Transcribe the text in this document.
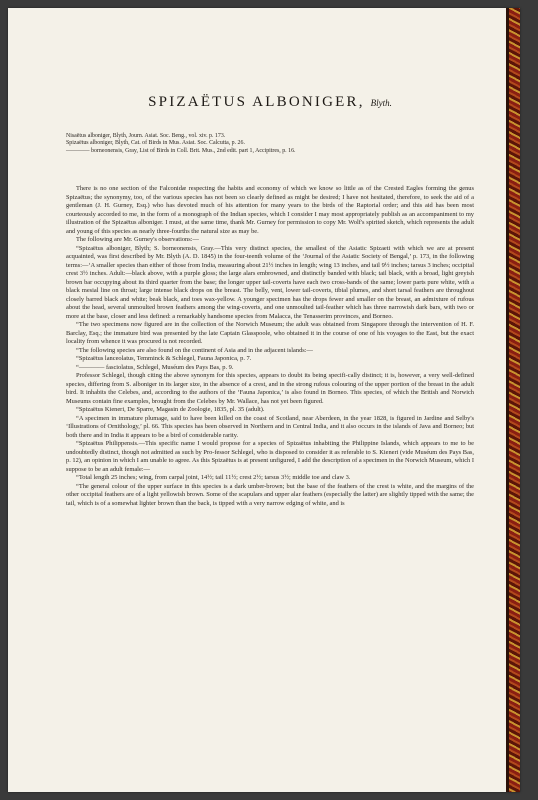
SPIZAËTUS ALBONIGER, Blyth.
Nisaëtus alboniger, Blyth, Journ. Asiat. Soc. Beng., vol. xiv. p. 173.
Spizaëtus alboniger, Blyth, Cat. of Birds in Mus. Asiat. Soc. Calcutta, p. 26.
———— borneonensis, Gray, List of Birds in Coll. Brit. Mus., 2nd edit. part 1, Accipitres, p. 16.

There is no one section of the Falconidæ respecting the habits and economy of which we know so little as of the Crested Eagles forming the genus Spizaëtus; the synonymy, too, of the various species has not been so clearly defined as might be desired; I have not hesitated, therefore, to seek the aid of a gentleman (J. H. Gurney, Esq.) who has devoted much of his attention for many years to the birds of the Raptorial order; and this aid has been most courteously accorded to me, in the form of a monograph of the Indian species, which I consider I may most appropriately publish as an accompaniment to my illustration of the Spizaëtus alboniger. I must, at the same time, thank Mr. Gurney for permission to copy Mr. Wolf's spirited sketch, which represents the adult and young of this species as nearly three-fourths the natural size as may be.

The following are Mr. Gurney's observations:—

“Spizaëtus alboniger, Blyth; S. borneonensis, Gray.—This very distinct species, the smallest of the Asiatic Spizaeti with which we are at present acquainted, was first described by Mr. Blyth (A. D. 1845) in the four-teenth volume of the ‘Journal of the Asiatic Society of Bengal,’ p. 173, in the following terms:—‘A smaller species than either of those from India, measuring about 21½ inches in length; wing 13 inches, and tail 9½ inches; tarsus 3 inches; occipital crest 3½ inches. Adult:—black above, with a purple gloss; the large alars embrowned, and distinctly banded with black; tail black, with a broad, light greyish brown bar occupying about its third quarter from the base; the longer upper tail-coverts have each two cross-bands of the same; lower parts pure white, with a black mesial line on throat; large intense black drops on the breast. The belly, vent, lower tail-coverts, tibial plumes, and short tarsal feathers are throughout closely barred black and white; beak black, and toes wax-yellow. A younger specimen has the drops fewer and smaller on the breast, an admixture of rufous about the head, several unmoulted brown feathers among the wing-coverts, and one unmoulted tail-feather which has three narrowish dark bars, with two or more at the base, closer and less defined: a remarkably handsome species from Malacca, the Tenasserim provinces, and Borneo.

“The two specimens now figured are in the collection of the Norwich Museum; the adult was obtained from Singapore through the intervention of H. F. Barclay, Esq.; the immature bird was presented by the late Captain Glasspoole, who obtained it in the course of one of his voyages to the East, but the exact locality from whence it was procured is not recorded.

“The following species are also found on the continent of Asia and in the adjacent islands:—

“Spizaëtus lanceolatus, Temminck & Schlegel, Fauna Japonica, p. 7.

“———— fasciolatus, Schlegel, Muséum des Pays Bas, p. 9.

Professor Schlegel, though citing the above synonym for this species, appears to doubt its being specifi-cally distinct; it is, however, a very well-defined species, differing from S. alboniger in its larger size, in the absence of a crest, and in the strong rufous colouring of the upper portion of the breast in the adult bird. It inhabits the Celebes, and, according to the authors of the ‘Fauna Japonica,’ is also found in Borneo. This species, of which the British and Norwich Museums contain fine examples, brought from the Celebes by Mr. Wallace, has not yet been figured.

“Spizaëtus Kieneri, De Sparre, Magasin de Zoologie, 1835, pl. 35 (adult).

“A specimen in immature plumage, said to have been killed on the coast of Scotland, near Aberdeen, in the year 1828, is figured in Jardine and Selby's ‘Illustrations of Ornithology,’ pl. 66. This species has been observed in Northern and in Central India, and it also occurs in the islands of Java and Borneo; but both there and in India it appears to be a bird of considerable rarity.

“Spizaëtus Philippensis.—This specific name I would propose for a species of Spizaëtus inhabiting the Philippine Islands, which appears to me to be undoubtedly distinct, though not admitted as such by Pro-fessor Schlegel, who is disposed to consider it as referable to S. Kieneri (vide Muséum des Pays Bas, p. 12), an opinion in which I am unable to agree. As this Spizaëtus is at present unfigured, I add the description of a specimen in the Norwich Museum, which I suppose to be an adult female:—

“Total length 25 inches; wing, from carpal joint, 14½; tail 11½; crest 2½; tarsus 3½; middle toe and claw 3.

“The general colour of the upper surface in this species is a dark umber-brown; but the base of the feathers of the crest is white, and the margins of the other occipital feathers are of a light yellowish brown. Some of the scapulars and upper alar feathers (especially the latter) are slightly tipped with the same; the tail, which is of a somewhat lighter brown than the back, is tipped with a very narrow edging of white, and is
